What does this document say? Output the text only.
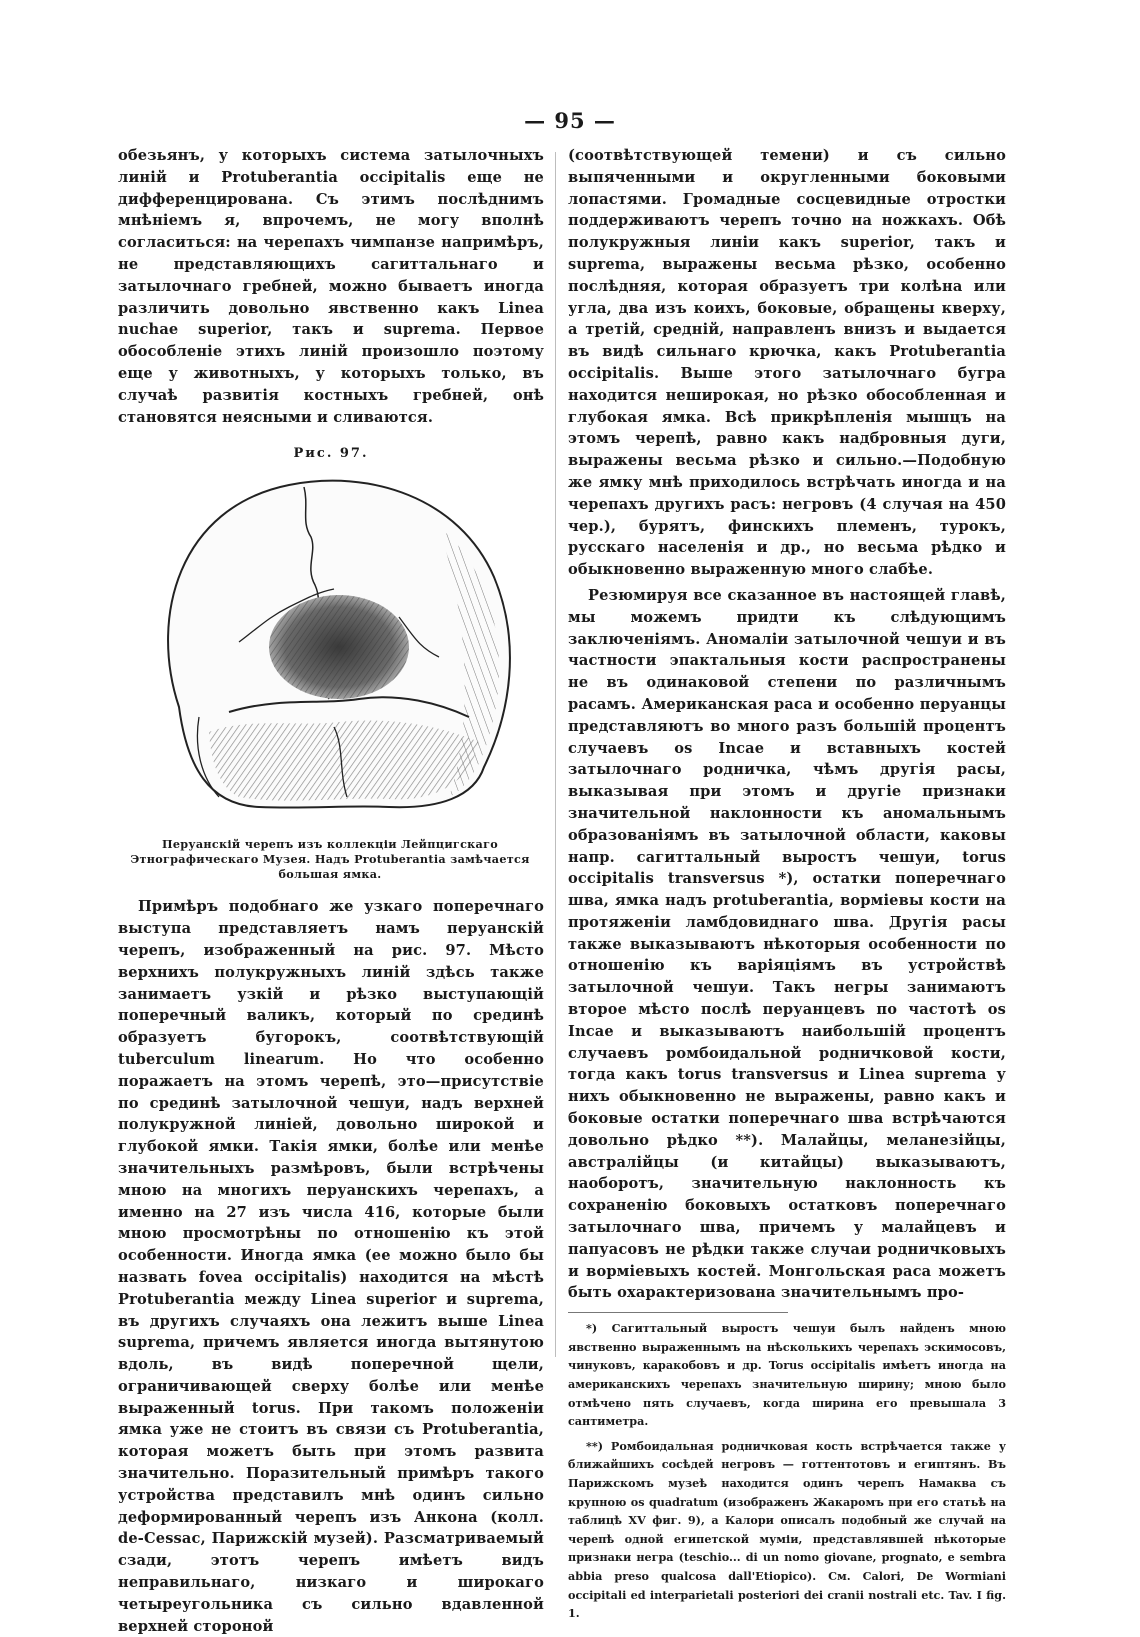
— 95 —

обезьянъ, у которыхъ система затылочныхъ линій и Protuberantia occipitalis еще не дифференцирована. Съ этимъ послѣднимъ мнѣніемъ я, впрочемъ, не могу вполнѣ согласиться: на черепахъ чимпанзе напримѣръ, не представляющихъ сагиттальнаго и затылочнаго гребней, можно бываетъ иногда различить довольно явственно какъ Linea nuchae superior, такъ и suprema. Первое обособленіе этихъ линій произошло поэтому еще у животныхъ, у которыхъ только, въ случаѣ развитія костныхъ гребней, онѣ становятся неясными и сливаются.

Рис. 97.
Перуанскій черепъ изъ коллекціи Лейпцигскаго Этнографическаго Музея. Надъ Protuberantia замѣчается большая ямка.

Примѣръ подобнаго же узкаго поперечнаго выступа представляетъ намъ перуанскій черепъ, изображенный на рис. 97. Мѣсто верхнихъ полукружныхъ линій здѣсь также занимаетъ узкій и рѣзко выступающій поперечный валикъ, который по срединѣ образуетъ бугорокъ, соотвѣтствующій tuberculum linearum. Но что особенно поражаетъ на этомъ черепѣ, это—присутствіе по срединѣ затылочной чешуи, надъ верхней полукружной линіей, довольно широкой и глубокой ямки. Такія ямки, болѣе или менѣе значительныхъ размѣровъ, были встрѣчены мною на многихъ перуанскихъ черепахъ, а именно на 27 изъ числа 416, которые были мною просмотрѣны по отношенію къ этой особенности. Иногда ямка (ее можно было бы назвать fovea occipitalis) находится на мѣстѣ Protuberantia между Linea superior и suprema, въ другихъ случаяхъ она лежитъ выше Linea suprema, причемъ является иногда вытянутою вдоль, въ видѣ поперечной щели, ограничивающей сверху болѣе или менѣе выраженный torus. При такомъ положеніи ямка уже не стоитъ въ связи съ Protuberantia, которая можетъ быть при этомъ развита значительно. Поразительный примѣръ такого устройства представилъ мнѣ одинъ сильно деформированный черепъ изъ Анкона (колл. de-Cessac, Парижскій музей). Разсматриваемый сзади, этотъ черепъ имѣетъ видъ неправильнаго, низкаго и широкаго четыреугольника съ сильно вдавленной верхней стороной

(соотвѣтствующей темени) и съ сильно выпяченными и округленными боковыми лопастями. Громадные сосцевидные отростки поддерживаютъ черепъ точно на ножкахъ. Обѣ полукружныя линіи какъ superior, такъ и suprema, выражены весьма рѣзко, особенно послѣдняя, которая образуетъ три колѣна или угла, два изъ коихъ, боковые, обращены кверху, а третій, средній, направленъ внизъ и выдается въ видѣ сильнаго крючка, какъ Protuberantia occipitalis. Выше этого затылочнаго бугра находится неширокая, но рѣзко обособленная и глубокая ямка. Всѣ прикрѣпленія мышцъ на этомъ черепѣ, равно какъ надбровныя дуги, выражены весьма рѣзко и сильно.—Подобную же ямку мнѣ приходилось встрѣчать иногда и на черепахъ другихъ расъ: негровъ (4 случая на 450 чер.), бурятъ, финскихъ племенъ, турокъ, русскаго населенія и др., но весьма рѣдко и обыкновенно выраженную много слабѣе.

Резюмируя все сказанное въ настоящей главѣ, мы можемъ придти къ слѣдующимъ заключеніямъ. Аномаліи затылочной чешуи и въ частности эпактальныя кости распространены не въ одинаковой степени по различнымъ расамъ. Американская раса и особенно перуанцы представляютъ во много разъ большій процентъ случаевъ os Incae и вставныхъ костей затылочнаго родничка, чѣмъ другія расы, выказывая при этомъ и другіе признаки значительной наклонности къ аномальнымъ образованіямъ въ затылочной области, каковы напр. сагиттальный выростъ чешуи, torus occipitalis transversus *), остатки поперечнаго шва, ямка надъ protuberantia, ворміевы кости на протяженіи ламбдовиднаго шва. Другія расы также выказываютъ нѣкоторыя особенности по отношенію къ варіяціямъ въ устройствѣ затылочной чешуи. Такъ негры занимаютъ второе мѣсто послѣ перуанцевъ по частотѣ os Incae и выказываютъ наибольшій процентъ случаевъ ромбоидальной родничковой кости, тогда какъ torus transversus и Linea suprema у нихъ обыкновенно не выражены, равно какъ и боковые остатки поперечнаго шва встрѣчаются довольно рѣдко **). Малайцы, меланезійцы, австралійцы (и китайцы) выказываютъ, наоборотъ, значительную наклонность къ сохраненію боковыхъ остатковъ поперечнаго затылочнаго шва, причемъ у малайцевъ и папуасовъ не рѣдки также случаи родничковыхъ и ворміевыхъ костей. Монгольская раса можетъ быть охарактеризована значительнымъ про-

*) Сагиттальный выростъ чешуи былъ найденъ мною явственно выраженнымъ на нѣсколькихъ черепахъ эскимосовъ, чинуковъ, каракобовъ и др. Torus occipitalis имѣетъ иногда на американскихъ черепахъ значительную ширину; мною было отмѣчено пять случаевъ, когда ширина его превышала 3 сантиметра.

**) Ромбоидальная родничковая кость встрѣчается также у ближайшихъ сосѣдей негровъ — готтентотовъ и египтянъ. Въ Парижскомъ музеѣ находится одинъ черепъ Намаква съ крупною os quadratum (изображенъ Жакаромъ при его статьѣ на таблицѣ XV фиг. 9), а Калори описалъ подобный же случай на черепѣ одной египетской муміи, представлявшей нѣкоторые признаки негра (teschio... di un nomo giovane, prognato, e sembra abbia preso qualcosa dall'Etiopico). См. Calori, De Wormiani occipitali ed interparietali posteriori dei cranii nostrali etc. Tav. I fig. 1.
